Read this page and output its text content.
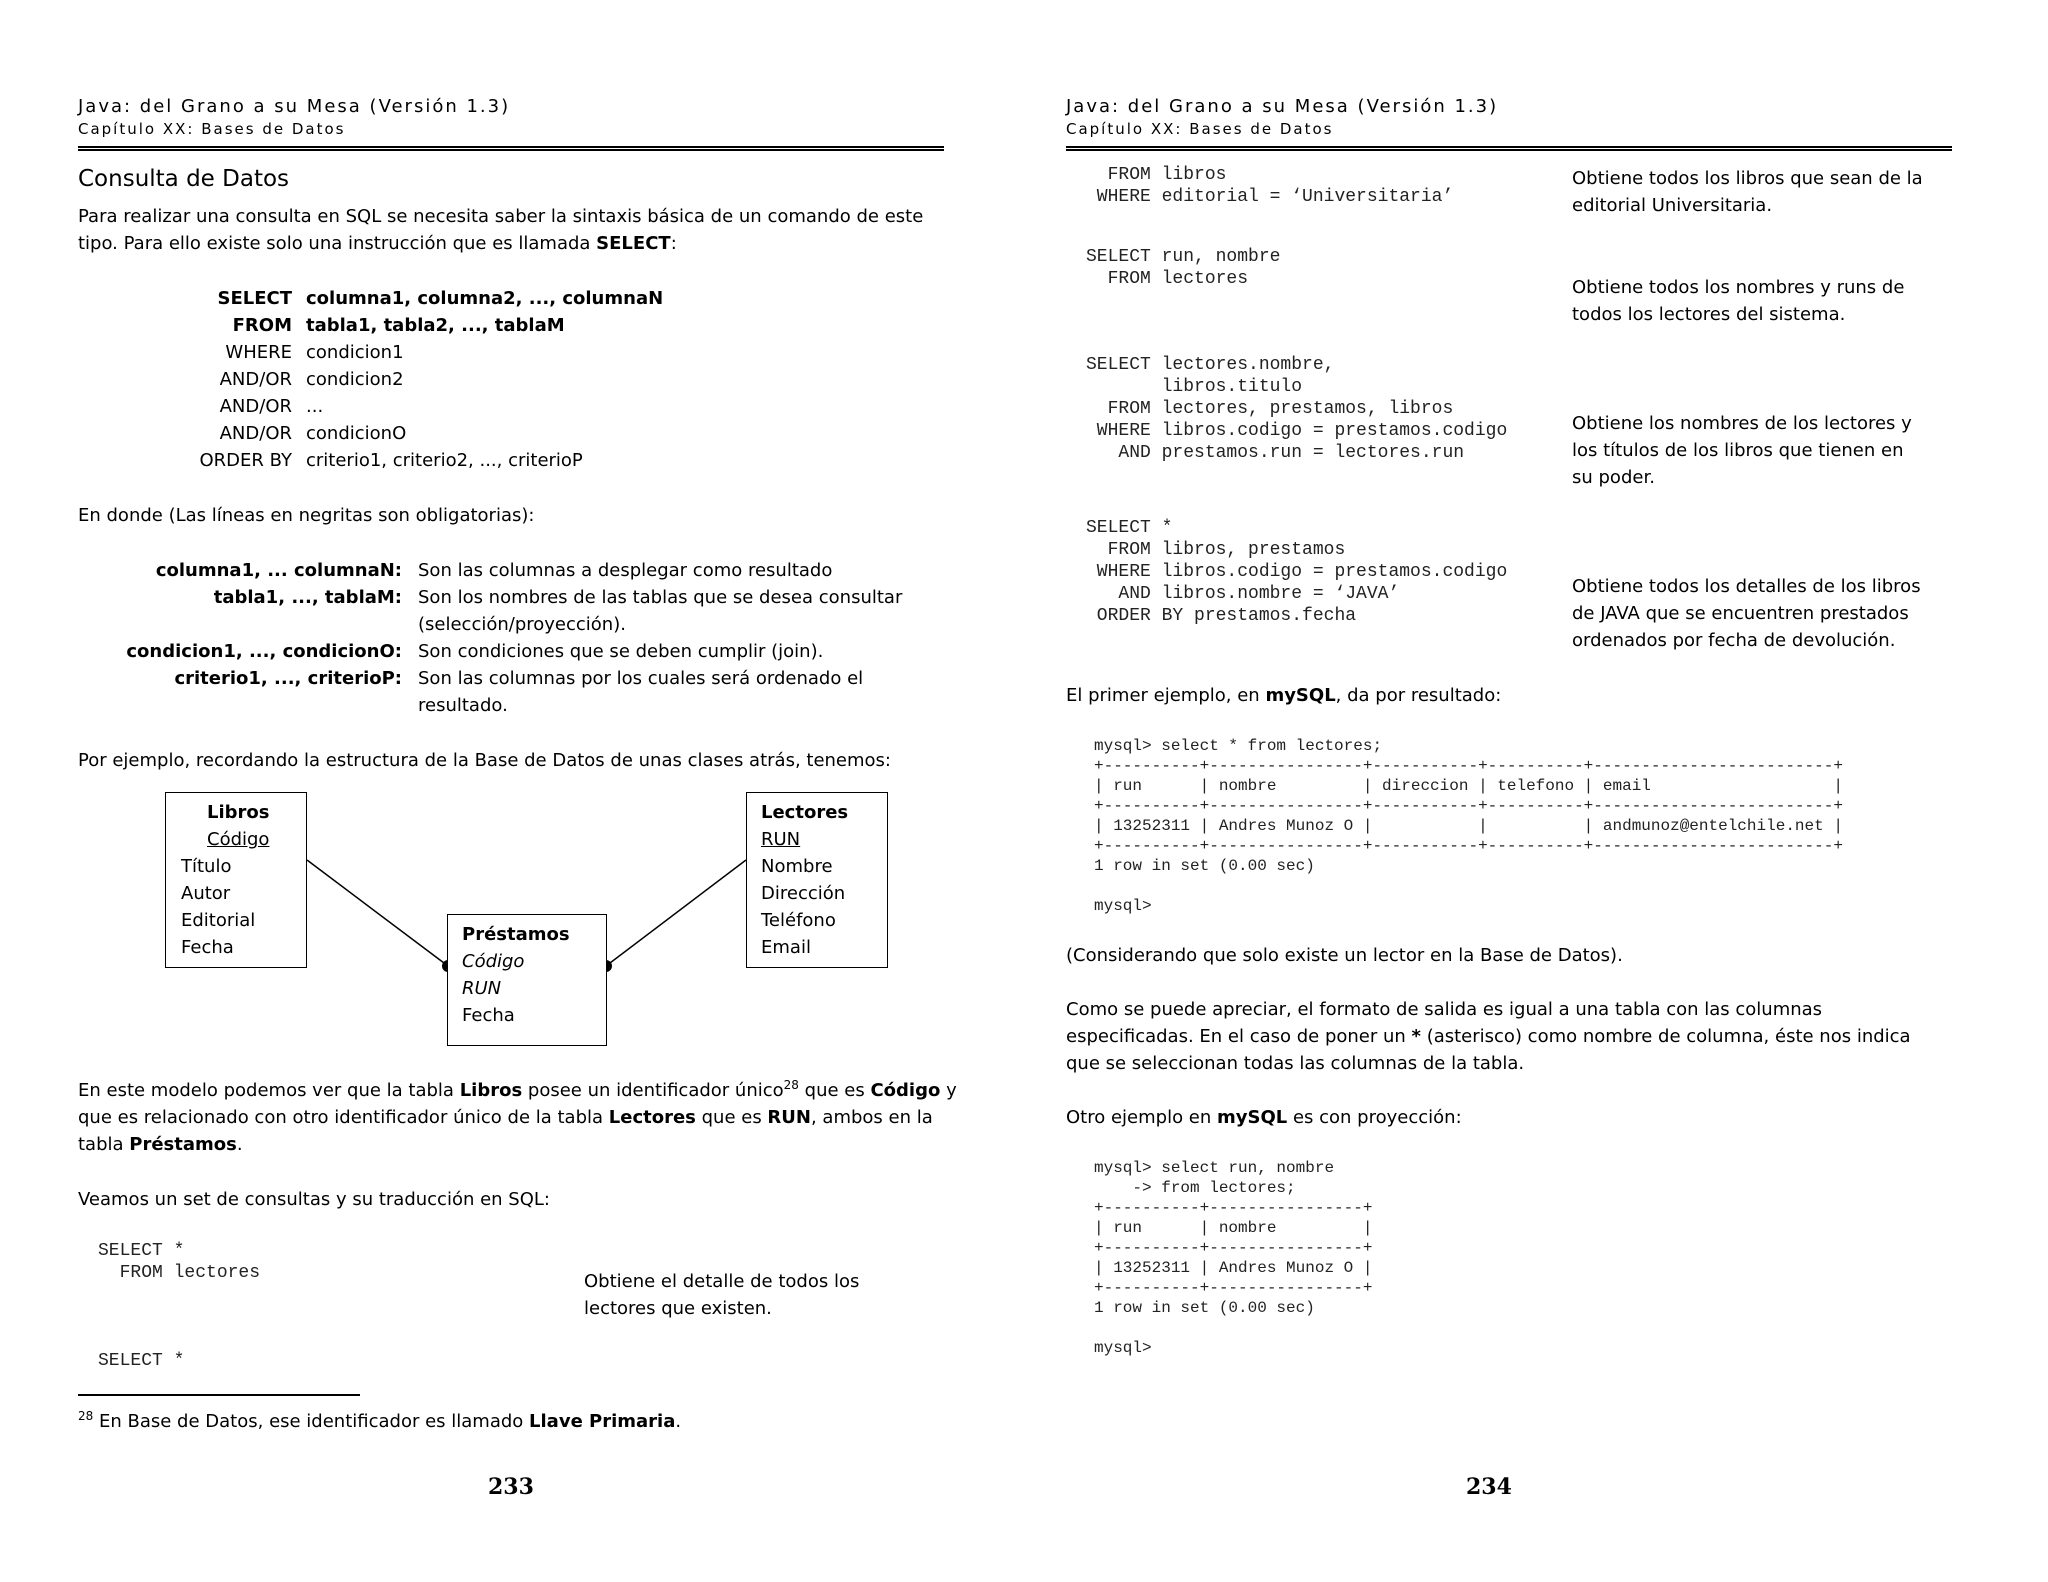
Java: del Grano a su Mesa (Versión 1.3)
Capítulo XX: Bases de Datos
Consulta de Datos
Para realizar una consulta en SQL se necesita saber la sintaxis básica de un comando de este
tipo. Para ello existe solo una instrucción que es llamada SELECT:
SELECT columna1, columna2, ..., columnaN
FROM tabla1, tabla2, ..., tablaM
WHERE condicion1
AND/OR condicion2
AND/OR ...
AND/OR condicionO
ORDER BY criterio1, criterio2, ..., criterioP
En donde (Las líneas en negritas son obligatorias):
columna1, ... columnaN: Son las columnas a desplegar como resultado
tabla1, ..., tablaM: Son los nombres de las tablas que se desea consultar
(selección/proyección).
condicion1, ..., condicionO: Son condiciones que se deben cumplir (join).
criterio1, ..., criterioP: Son las columnas por los cuales será ordenado el
resultado.
Por ejemplo, recordando la estructura de la Base de Datos de unas clases atrás, tenemos:
Libros
Código
Título
Autor
Editorial
Fecha
Préstamos
Código
RUN
Fecha
Lectores
RUN
Nombre
Dirección
Teléfono
Email
En este modelo podemos ver que la tabla Libros posee un identificador único$^{28}$ que es Código y
que es relacionado con otro identificador único de la tabla Lectores que es RUN, ambos en la
tabla Préstamos.
Veamos un set de consultas y su traducción en SQL:
SELECT *
FROM lectores	Obtiene el detalle de todos los
lectores que existen.
SELECT *
$^{28}$ En Base de Datos, ese identificador es llamado Llave Primaria.
233
Java: del Grano a su Mesa (Versión 1.3)
Capítulo XX: Bases de Datos
FROM libros
WHERE editorial = ‘Universitaria’
Obtiene todos los libros que sean de la
editorial Universitaria.
SELECT run, nombre
FROM lectores	Obtiene todos los nombres y runs de
todos los lectores del sistema.
SELECT lectores.nombre,
libros.titulo
FROM lectores, prestamos, libros
WHERE libros.codigo = prestamos.codigo
AND prestamos.run = lectores.run
Obtiene los nombres de los lectores y
los títulos de los libros que tienen en
su poder.
SELECT *
FROM libros, prestamos
WHERE libros.codigo = prestamos.codigo
AND libros.nombre = ‘JAVA’
ORDER BY prestamos.fecha
Obtiene todos los detalles de los libros
de JAVA que se encuentren prestados
ordenados por fecha de devolución.
El primer ejemplo, en mySQL, da por resultado:
mysql> select * from lectores;
+----------+----------------+-----------+----------+-------------------------+
| run      | nombre         | direccion | telefono | email                   |
+----------+----------------+-----------+----------+-------------------------+
| 13252311 | Andres Munoz O |           |          | andmunoz@entelchile.net |
+----------+----------------+-----------+----------+-------------------------+
1 row in set (0.00 sec)

mysql>
(Considerando que solo existe un lector en la Base de Datos).
Como se puede apreciar, el formato de salida es igual a una tabla con las columnas
especificadas. En el caso de poner un * (asterisco) como nombre de columna, éste nos indica
que se seleccionan todas las columnas de la tabla.
Otro ejemplo en mySQL es con proyección:
mysql> select run, nombre
-> from lectores;
+----------+----------------+
| run      | nombre         |
+----------+----------------+
| 13252311 | Andres Munoz O |
+----------+----------------+
1 row in set (0.00 sec)

mysql>
234
